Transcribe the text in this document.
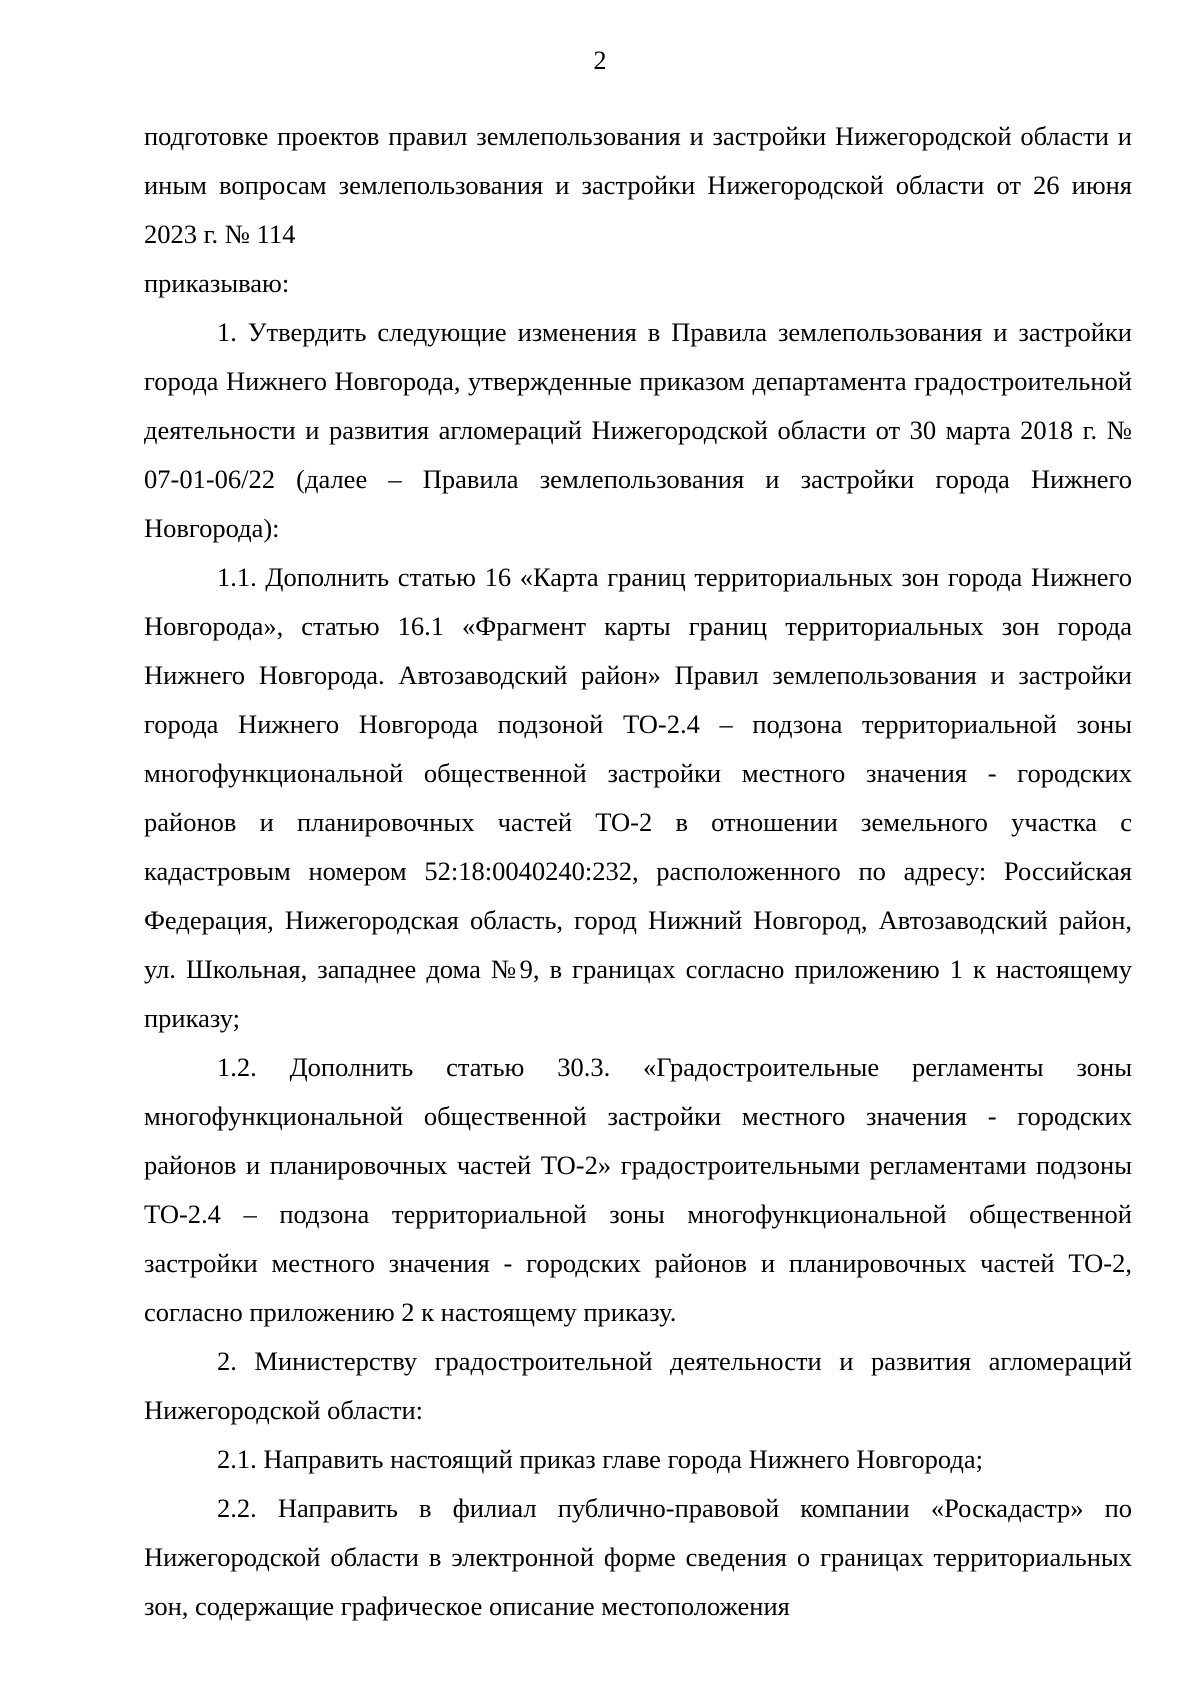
2

подготовке проектов правил землепользования и застройки Нижегородской области и иным вопросам землепользования и застройки Нижегородской области от 26 июня 2023 г. № 114

приказываю:

1. Утвердить следующие изменения в Правила землепользования и застройки города Нижнего Новгорода, утвержденные приказом департамента градостроительной деятельности и развития агломераций Нижегородской области от 30 марта 2018 г. № 07-01-06/22 (далее – Правила землепользования и застройки города Нижнего Новгорода):

1.1. Дополнить статью 16 «Карта границ территориальных зон города Нижнего Новгорода», статью 16.1 «Фрагмент карты границ территориальных зон города Нижнего Новгорода. Автозаводский район» Правил землепользования и застройки города Нижнего Новгорода подзоной ТО-2.4 – подзона территориальной зоны многофункциональной общественной застройки местного значения - городских районов и планировочных частей ТО-2 в отношении земельного участка с кадастровым номером 52:18:0040240:232, расположенного по адресу: Российская Федерация, Нижегородская область, город Нижний Новгород, Автозаводский район, ул. Школьная, западнее дома №9, в границах согласно приложению 1 к настоящему приказу;

1.2. Дополнить статью 30.3. «Градостроительные регламенты зоны многофункциональной общественной застройки местного значения - городских районов и планировочных частей ТО-2» градостроительными регламентами подзоны ТО-2.4 – подзона территориальной зоны многофункциональной общественной застройки местного значения - городских районов и планировочных частей ТО-2, согласно приложению 2 к настоящему приказу.

2. Министерству градостроительной деятельности и развития агломераций Нижегородской области:

2.1. Направить настоящий приказ главе города Нижнего Новгорода;

2.2. Направить в филиал публично-правовой компании «Роскадастр» по Нижегородской области в электронной форме сведения о границах территориальных зон, содержащие графическое описание местоположения
